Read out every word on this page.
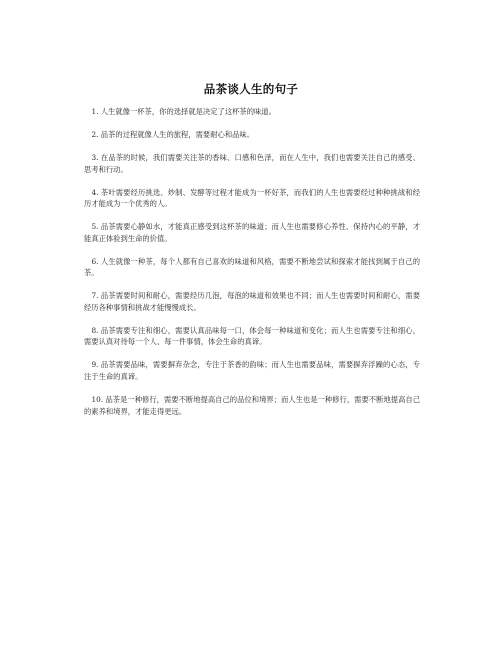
品茶谈人生的句子

1. 人生就像一杯茶，你的选择就是决定了这杯茶的味道。

2. 品茶的过程就像人生的旅程，需要耐心和品味。

3. 在品茶的时候，我们需要关注茶的香味、口感和色泽，而在人生中，我们也需要关注自己的感受、思考和行动。

4. 茶叶需要经历挑选、炒制、发酵等过程才能成为一杯好茶，而我们的人生也需要经过种种挑战和经历才能成为一个优秀的人。

5. 品茶需要心静如水，才能真正感受到这杯茶的味道；而人生也需要修心养性、保持内心的平静，才能真正体验到生命的价值。

6. 人生就像一种茶，每个人都有自己喜欢的味道和风格，需要不断地尝试和探索才能找到属于自己的茶。

7. 品茶需要时间和耐心，需要经历几泡，每泡的味道和效果也不同；而人生也需要时间和耐心，需要经历各种事情和挑战才能慢慢成长。

8. 品茶需要专注和细心，需要认真品味每一口，体会每一种味道和变化；而人生也需要专注和细心，需要认真对待每一个人、每一件事情，体会生命的真谛。

9. 品茶需要品味，需要摒弃杂念，专注于茶香的韵味；而人生也需要品味，需要摒弃浮躁的心态，专注于生命的真谛。

10. 品茶是一种修行，需要不断地提高自己的品位和境界；而人生也是一种修行，需要不断地提高自己的素养和境界，才能走得更远。
